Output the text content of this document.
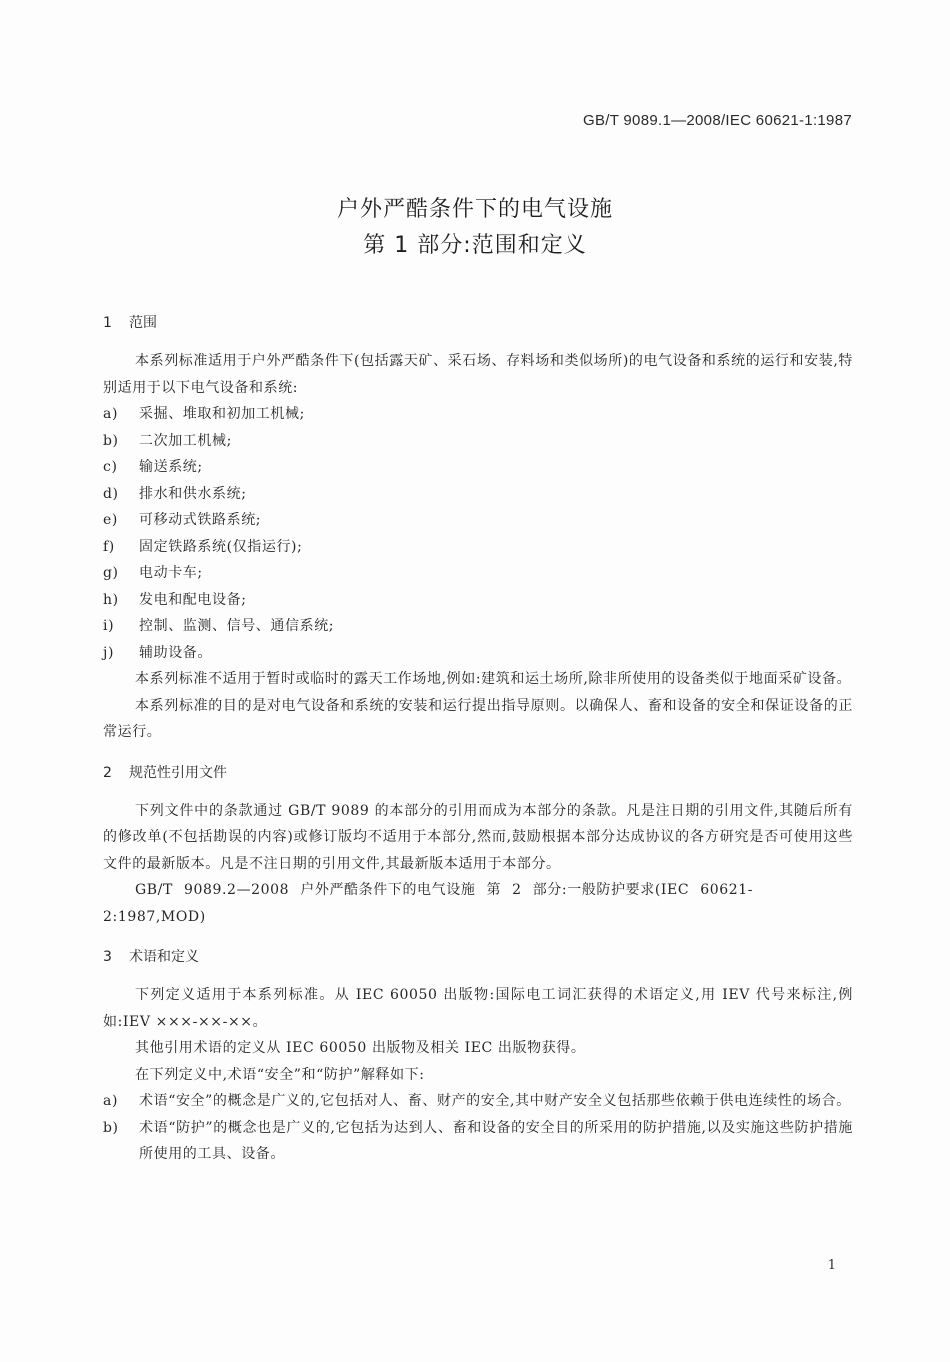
GB/T 9089.1—2008/IEC 60621-1:1987
户外严酷条件下的电气设施
第 1 部分:范围和定义
1 范围

本系列标准适用于户外严酷条件下(包括露天矿、采石场、存料场和类似场所)的电气设备和系统的运行和安装,特别适用于以下电气设备和系统:

a) 采掘、堆取和初加工机械;

b) 二次加工机械;

c) 输送系统;

d) 排水和供水系统;

e) 可移动式铁路系统;

f) 固定铁路系统(仅指运行);

g) 电动卡车;

h) 发电和配电设备;

i) 控制、监测、信号、通信系统;

j) 辅助设备。

本系列标准不适用于暂时或临时的露天工作场地,例如:建筑和运土场所,除非所使用的设备类似于地面采矿设备。

本系列标准的目的是对电气设备和系统的安装和运行提出指导原则。以确保人、畜和设备的安全和保证设备的正常运行。

2 规范性引用文件

下列文件中的条款通过 GB/T 9089 的本部分的引用而成为本部分的条款。凡是注日期的引用文件,其随后所有的修改单(不包括勘误的内容)或修订版均不适用于本部分,然而,鼓励根据本部分达成协议的各方研究是否可使用这些文件的最新版本。凡是不注日期的引用文件,其最新版本适用于本部分。

GB/T 9089.2—2008 户外严酷条件下的电气设施 第 2 部分:一般防护要求(IEC 60621-2:1987,MOD)

3 术语和定义

下列定义适用于本系列标准。从 IEC 60050 出版物:国际电工词汇获得的术语定义,用 IEV 代号来标注,例如:IEV ×××-××-××。

其他引用术语的定义从 IEC 60050 出版物及相关 IEC 出版物获得。

在下列定义中,术语“安全”和“防护”解释如下:

a) 术语“安全”的概念是广义的,它包括对人、畜、财产的安全,其中财产安全义包括那些依赖于供电连续性的场合。

b) 术语“防护”的概念也是广义的,它包括为达到人、畜和设备的安全目的所采用的防护措施,以及实施这些防护措施所使用的工具、设备。

1
